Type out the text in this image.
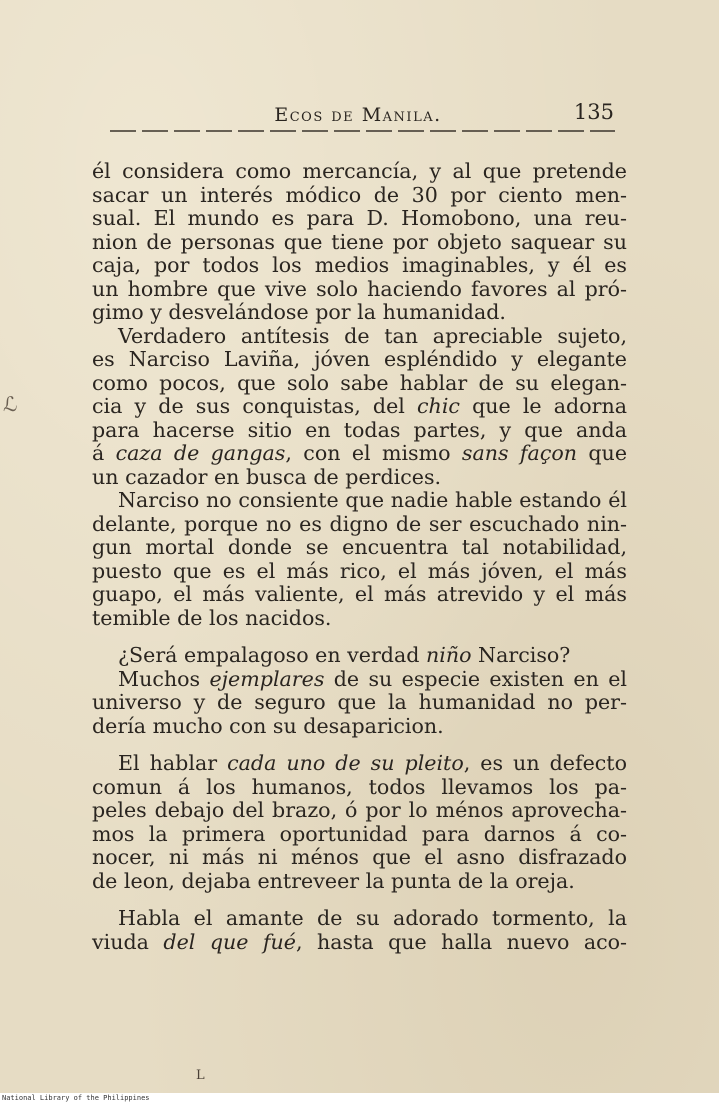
Ecos de Manila.	135
ℒ
él considera como mercancía, y al que pretende
sacar un interés módico de 30 por ciento men-
sual. El mundo es para D. Homobono, una reu-
nion de personas que tiene por objeto saquear su
caja, por todos los medios imaginables, y él es
un hombre que vive solo haciendo favores al pró-
gimo y desvelándose por la humanidad.
Verdadero antítesis de tan apreciable sujeto,
es Narciso Laviña, jóven espléndido y elegante
como pocos, que solo sabe hablar de su elegan-
cia y de sus conquistas, del chic que le adorna
para hacerse sitio en todas partes, y que anda
á caza de gangas, con el mismo sans façon que
un cazador en busca de perdices.
Narciso no consiente que nadie hable estando él
delante, porque no es digno de ser escuchado nin-
gun mortal donde se encuentra tal notabilidad,
puesto que es el más rico, el más jóven, el más
guapo, el más valiente, el más atrevido y el más
temible de los nacidos.
¿Será empalagoso en verdad niño Narciso?
Muchos ejemplares de su especie existen en el
universo y de seguro que la humanidad no per-
dería mucho con su desaparicion.
El hablar cada uno de su pleito, es un defecto
comun á los humanos, todos llevamos los pa-
peles debajo del brazo, ó por lo ménos aprovecha-
mos la primera oportunidad para darnos á co-
nocer, ni más ni ménos que el asno disfrazado
de leon, dejaba entreveer la punta de la oreja.
Habla el amante de su adorado tormento, la
viuda del que fué, hasta que halla nuevo aco-
L
National Library of the Philippines
